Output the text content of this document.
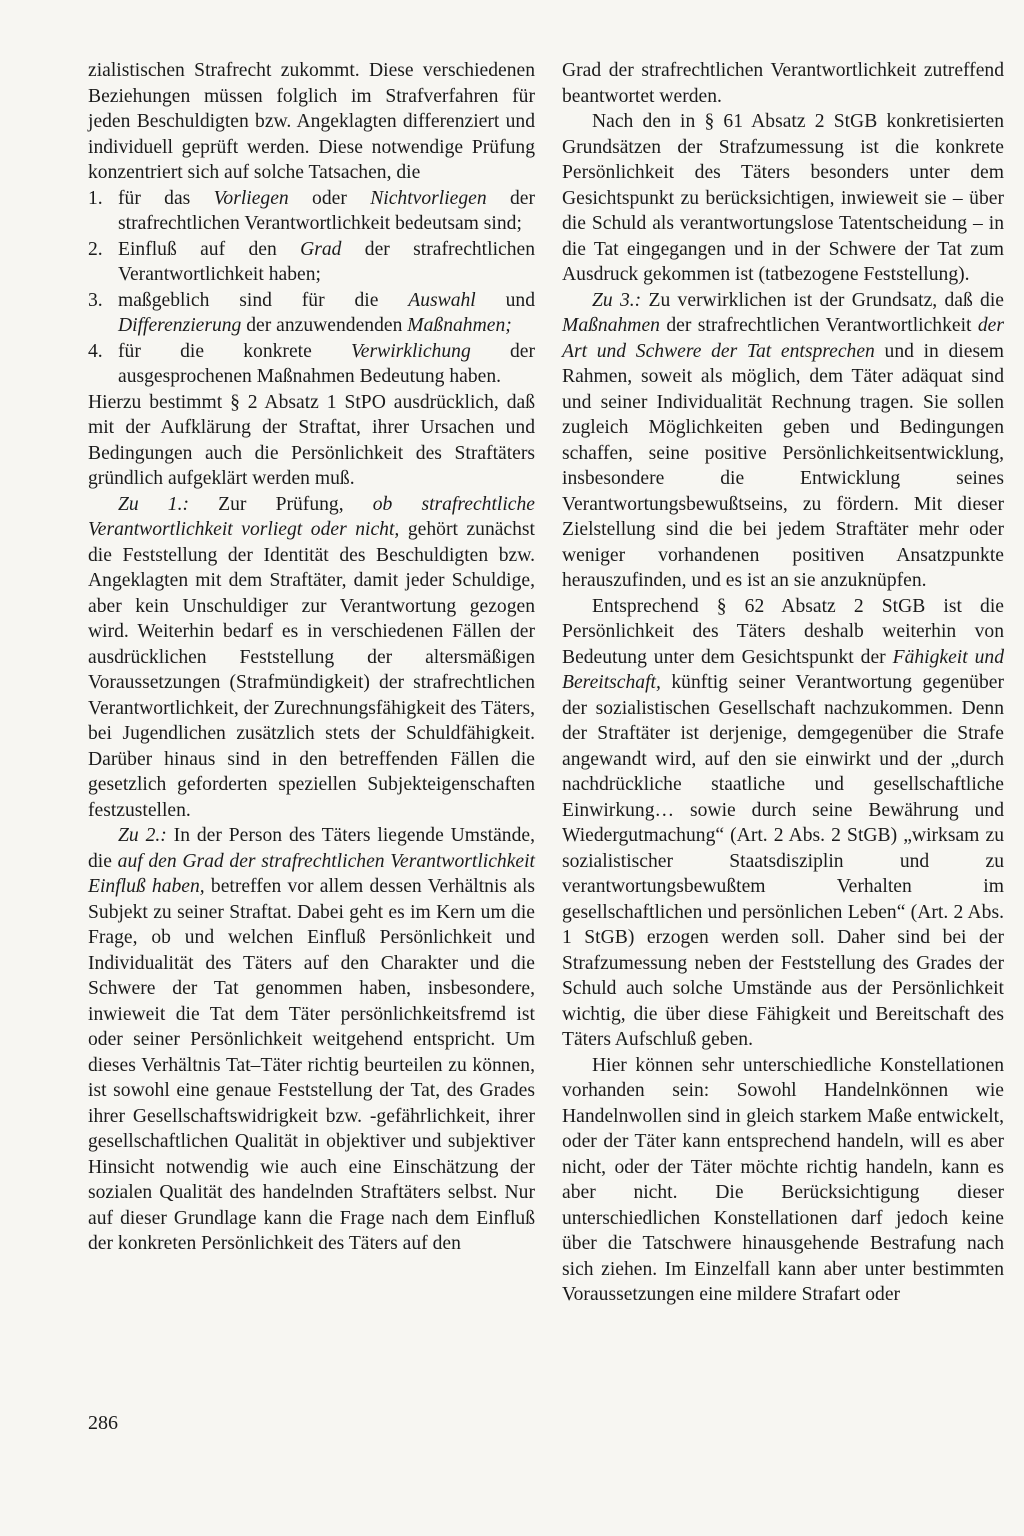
zialistischen Strafrecht zukommt. Diese verschiedenen Beziehungen müssen folglich im Strafverfahren für jeden Beschuldigten bzw. Angeklagten differenziert und individuell geprüft werden. Diese notwendige Prüfung konzentriert sich auf solche Tatsachen, die

1. für das Vorliegen oder Nichtvorliegen der strafrechtlichen Verantwortlichkeit bedeutsam sind;
2. Einfluß auf den Grad der strafrechtlichen Verantwortlichkeit haben;
3. maßgeblich sind für die Auswahl und Differenzierung der anzuwendenden Maßnahmen;
4. für die konkrete Verwirklichung der ausgesprochenen Maßnahmen Bedeutung haben.

Hierzu bestimmt § 2 Absatz 1 StPO ausdrücklich, daß mit der Aufklärung der Straftat, ihrer Ursachen und Bedingungen auch die Persönlichkeit des Straftäters gründlich aufgeklärt werden muß.

Zu 1.: Zur Prüfung, ob strafrechtliche Verantwortlichkeit vorliegt oder nicht, gehört zunächst die Feststellung der Identität des Beschuldigten bzw. Angeklagten mit dem Straftäter, damit jeder Schuldige, aber kein Unschuldiger zur Verantwortung gezogen wird. Weiterhin bedarf es in verschiedenen Fällen der ausdrücklichen Feststellung der altersmäßigen Voraussetzungen (Strafmündigkeit) der strafrechtlichen Verantwortlichkeit, der Zurechnungsfähigkeit des Täters, bei Jugendlichen zusätzlich stets der Schuldfähigkeit. Darüber hinaus sind in den betreffenden Fällen die gesetzlich geforderten speziellen Subjekteigenschaften festzustellen.

Zu 2.: In der Person des Täters liegende Umstände, die auf den Grad der strafrechtlichen Verantwortlichkeit Einfluß haben, betreffen vor allem dessen Verhältnis als Subjekt zu seiner Straftat. Dabei geht es im Kern um die Frage, ob und welchen Einfluß Persönlichkeit und Individualität des Täters auf den Charakter und die Schwere der Tat genommen haben, insbesondere, inwieweit die Tat dem Täter persönlichkeitsfremd ist oder seiner Persönlichkeit weitgehend entspricht. Um dieses Verhältnis Tat–Täter richtig beurteilen zu können, ist sowohl eine genaue Feststellung der Tat, des Grades ihrer Gesellschaftswidrigkeit bzw. -gefährlichkeit, ihrer gesellschaftlichen Qualität in objektiver und subjektiver Hinsicht notwendig wie auch eine Einschätzung der sozialen Qualität des handelnden Straftäters selbst. Nur auf dieser Grundlage kann die Frage nach dem Einfluß der konkreten Persönlichkeit des Täters auf den

Grad der strafrechtlichen Verantwortlichkeit zutreffend beantwortet werden.

Nach den in § 61 Absatz 2 StGB konkretisierten Grundsätzen der Strafzumessung ist die konkrete Persönlichkeit des Täters besonders unter dem Gesichtspunkt zu berücksichtigen, inwieweit sie – über die Schuld als verantwortungslose Tatentscheidung – in die Tat eingegangen und in der Schwere der Tat zum Ausdruck gekommen ist (tatbezogene Feststellung).

Zu 3.: Zu verwirklichen ist der Grundsatz, daß die Maßnahmen der strafrechtlichen Verantwortlichkeit der Art und Schwere der Tat entsprechen und in diesem Rahmen, soweit als möglich, dem Täter adäquat sind und seiner Individualität Rechnung tragen. Sie sollen zugleich Möglichkeiten geben und Bedingungen schaffen, seine positive Persönlichkeitsentwicklung, insbesondere die Entwicklung seines Verantwortungsbewußtseins, zu fördern. Mit dieser Zielstellung sind die bei jedem Straftäter mehr oder weniger vorhandenen positiven Ansatzpunkte herauszufinden, und es ist an sie anzuknüpfen.

Entsprechend § 62 Absatz 2 StGB ist die Persönlichkeit des Täters deshalb weiterhin von Bedeutung unter dem Gesichtspunkt der Fähigkeit und Bereitschaft, künftig seiner Verantwortung gegenüber der sozialistischen Gesellschaft nachzukommen. Denn der Straftäter ist derjenige, demgegenüber die Strafe angewandt wird, auf den sie einwirkt und der „durch nachdrückliche staatliche und gesellschaftliche Einwirkung… sowie durch seine Bewährung und Wiedergutmachung“ (Art. 2 Abs. 2 StGB) „wirksam zu sozialistischer Staatsdisziplin und zu verantwortungsbewußtem Verhalten im gesellschaftlichen und persönlichen Leben“ (Art. 2 Abs. 1 StGB) erzogen werden soll. Daher sind bei der Strafzumessung neben der Feststellung des Grades der Schuld auch solche Umstände aus der Persönlichkeit wichtig, die über diese Fähigkeit und Bereitschaft des Täters Aufschluß geben.

Hier können sehr unterschiedliche Konstellationen vorhanden sein: Sowohl Handelnkönnen wie Handelnwollen sind in gleich starkem Maße entwickelt, oder der Täter kann entsprechend handeln, will es aber nicht, oder der Täter möchte richtig handeln, kann es aber nicht. Die Berücksichtigung dieser unterschiedlichen Konstellationen darf jedoch keine über die Tatschwere hinausgehende Bestrafung nach sich ziehen. Im Einzelfall kann aber unter bestimmten Voraussetzungen eine mildere Strafart oder

286
